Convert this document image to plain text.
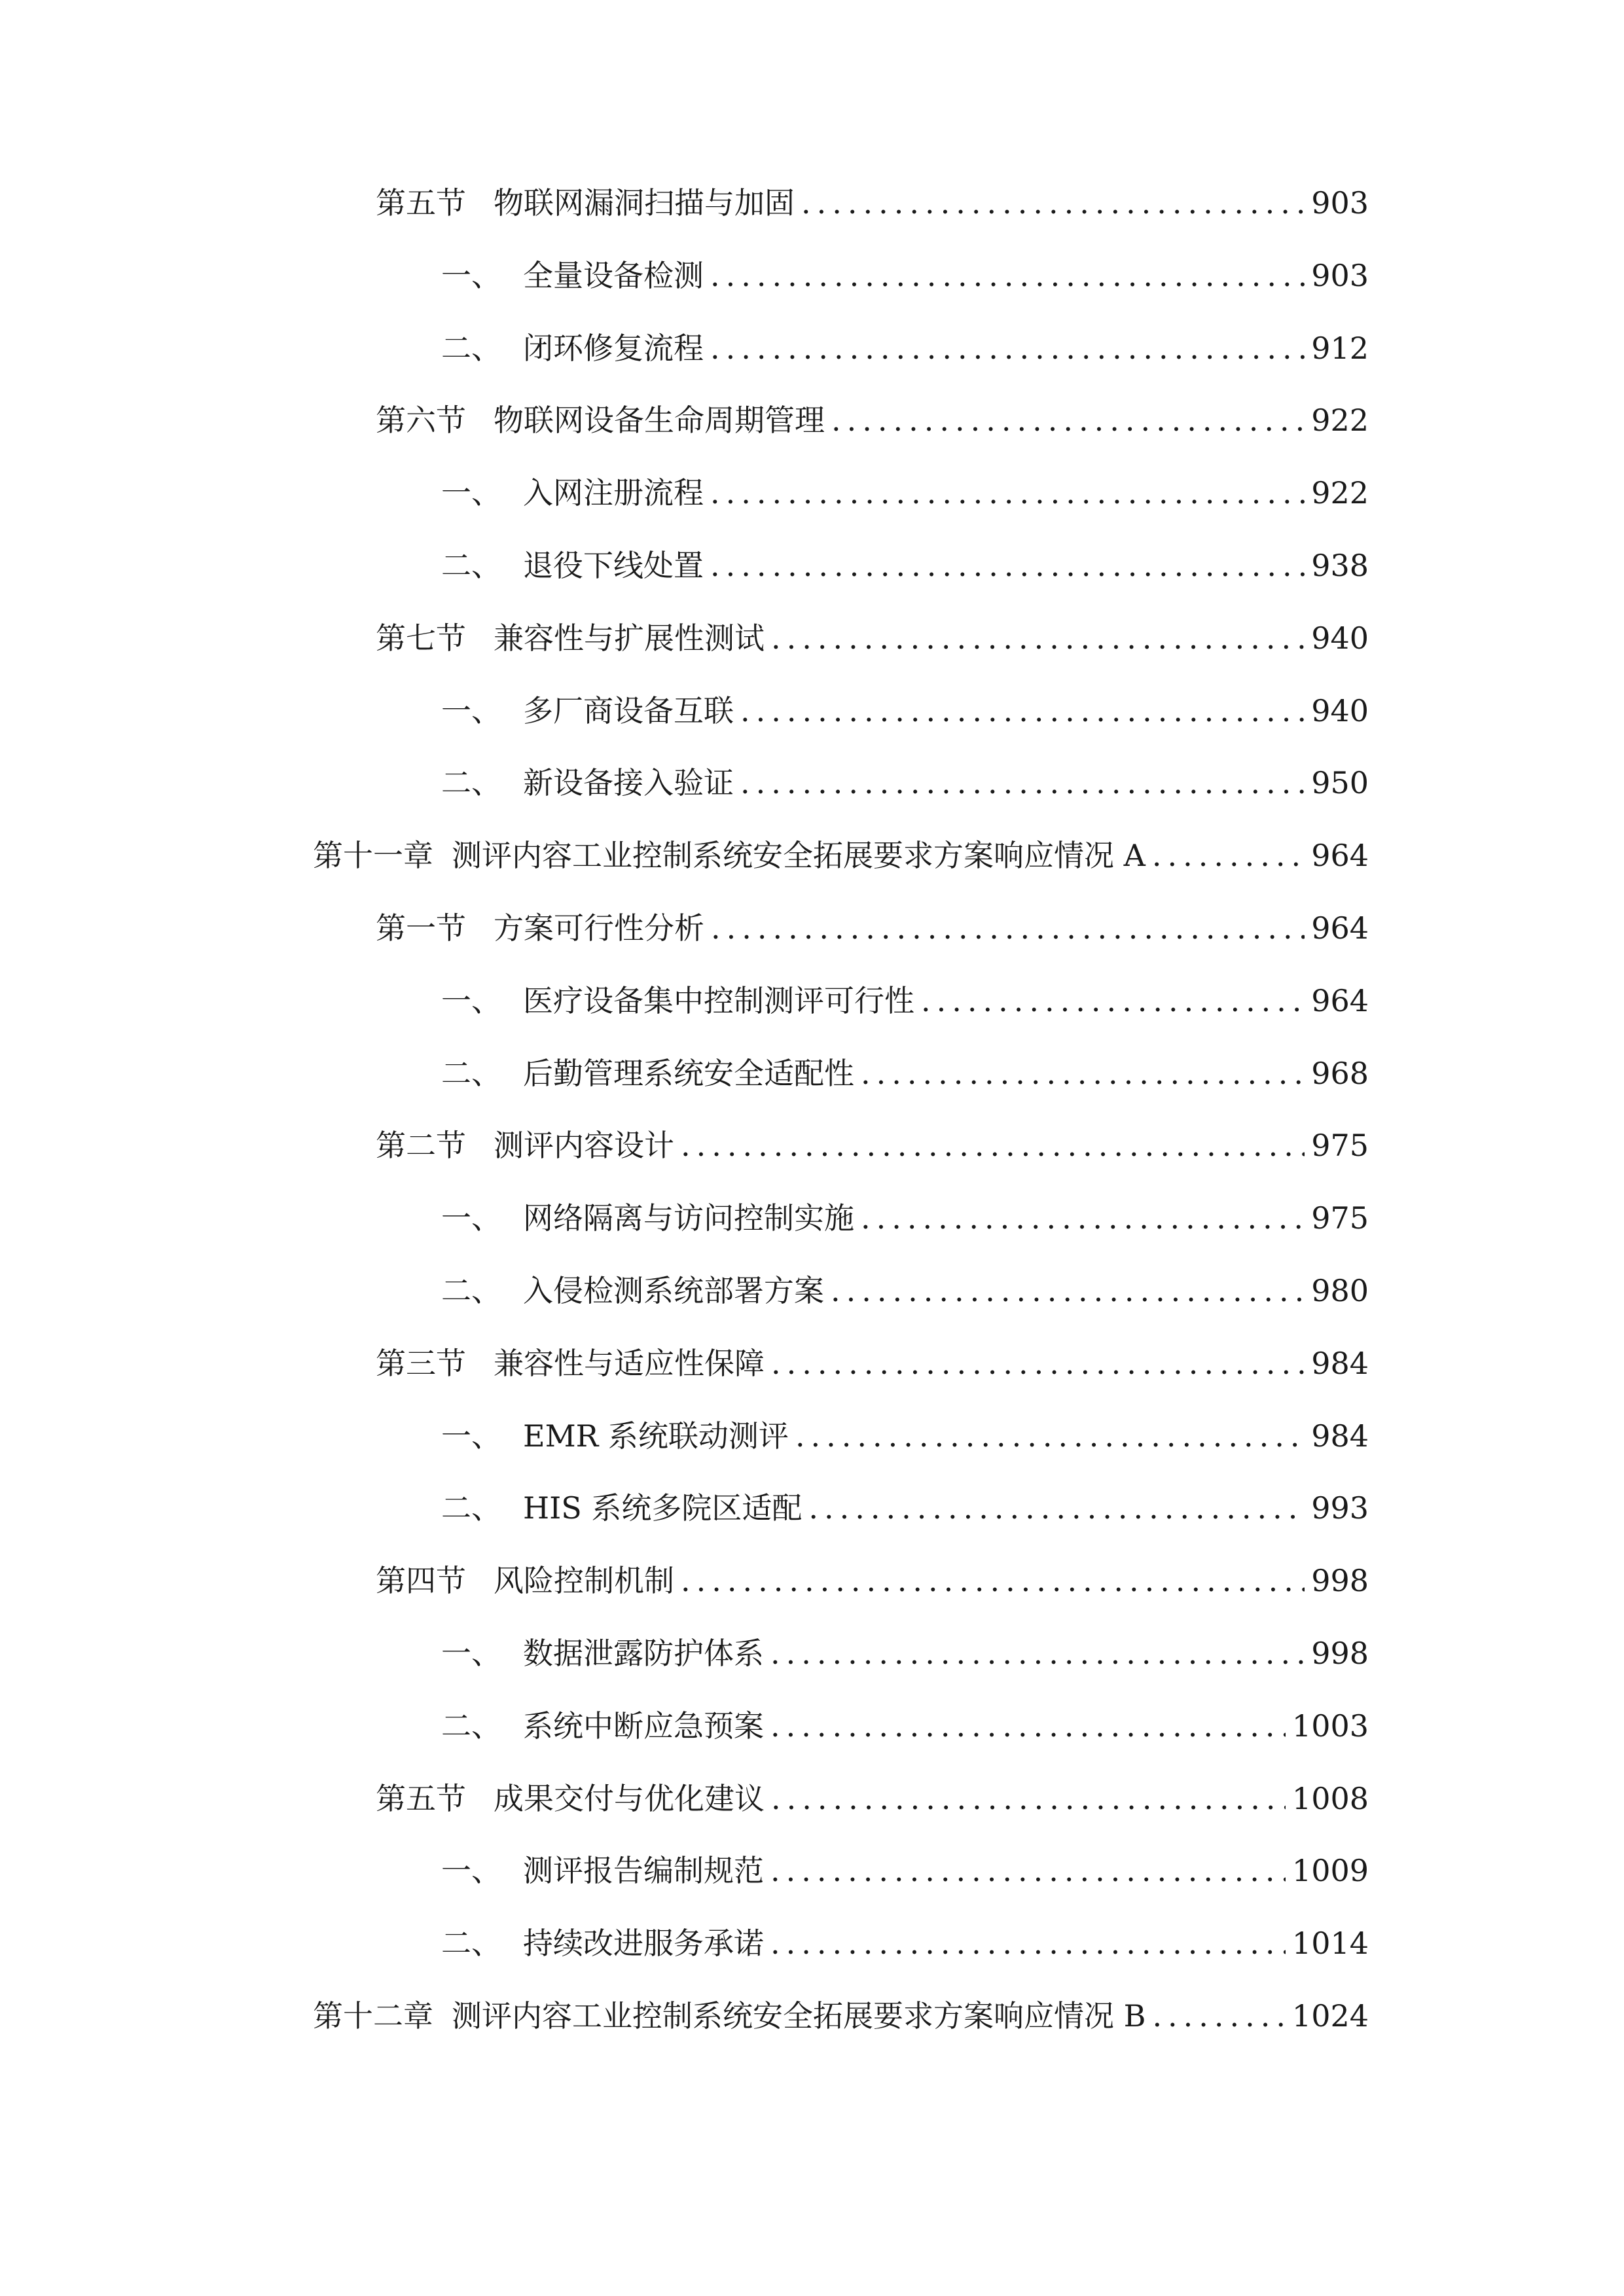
第五节 物联网漏洞扫描与加固 .....	903
一、 全量设备检测 .....	903
二、 闭环修复流程 .....	912
第六节 物联网设备生命周期管理 .....	922
一、 入网注册流程 .....	922
二、 退役下线处置 .....	938
第七节 兼容性与扩展性测试 .....	940
一、 多厂商设备互联 .....	940
二、 新设备接入验证 .....	950
第十一章 测评内容工业控制系统安全拓展要求方案响应情况 A .....	964
第一节 方案可行性分析 .....	964
一、 医疗设备集中控制测评可行性 .....	964
二、 后勤管理系统安全适配性 .....	968
第二节 测评内容设计 .....	975
一、 网络隔离与访问控制实施 .....	975
二、 入侵检测系统部署方案 .....	980
第三节 兼容性与适应性保障 .....	984
一、 EMR 系统联动测评 .....	984
二、 HIS 系统多院区适配 .....	993
第四节 风险控制机制 .....	998
一、 数据泄露防护体系 .....	998
二、 系统中断应急预案 .....	1003
第五节 成果交付与优化建议 .....	1008
一、 测评报告编制规范 .....	1009
二、 持续改进服务承诺 .....	1014
第十二章 测评内容工业控制系统安全拓展要求方案响应情况 B .....	1024
